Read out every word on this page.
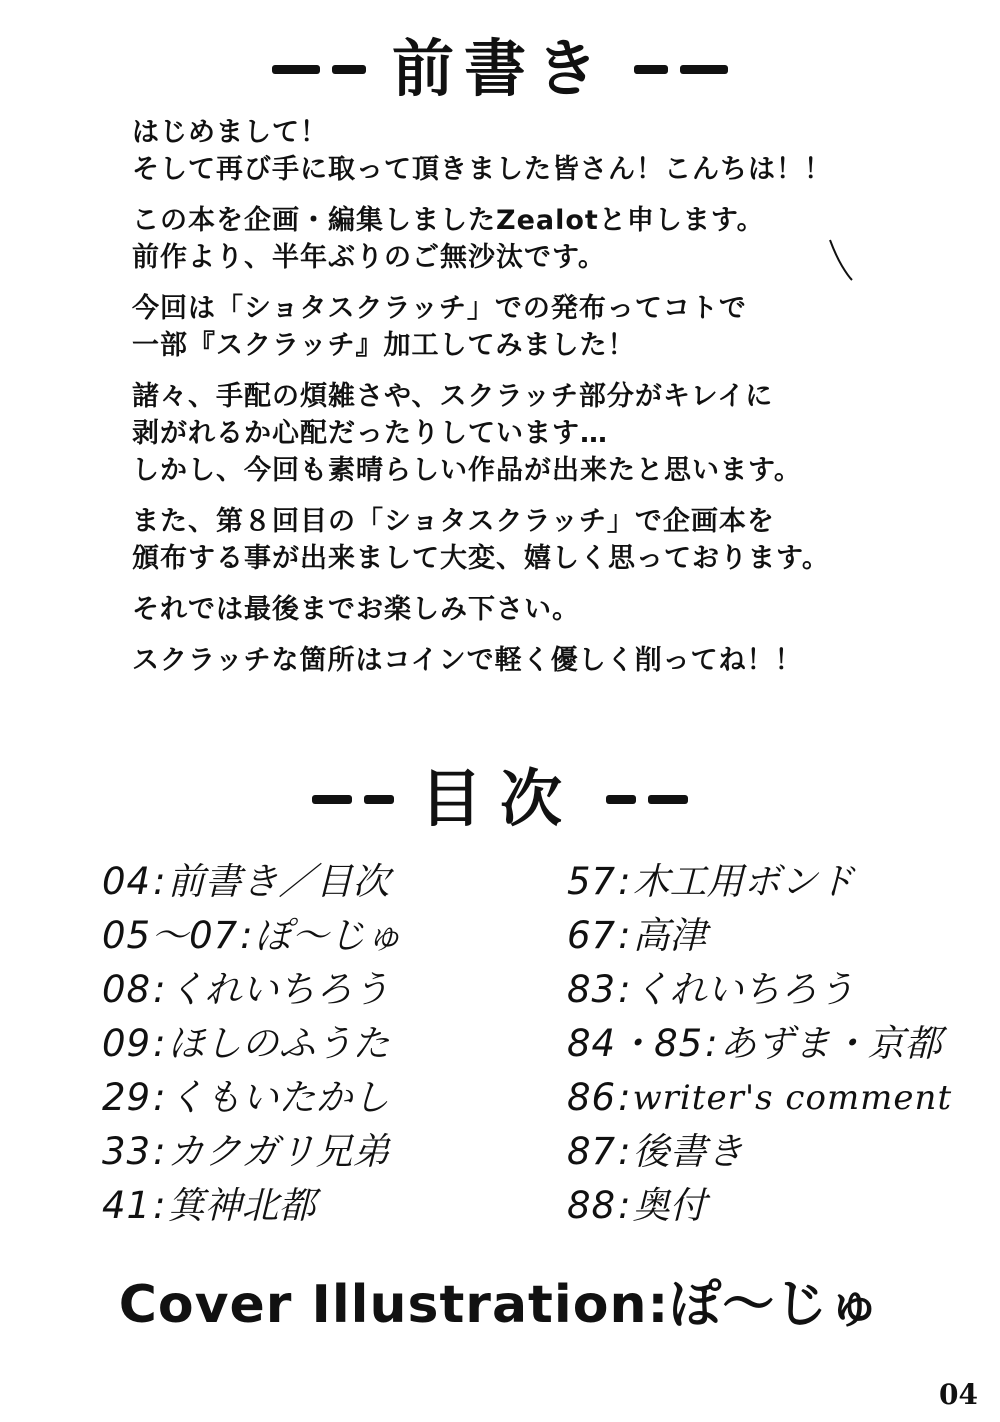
前書き
はじめまして！
そして再び手に取って頂きました皆さん！こんちは！！
この本を企画・編集しましたZealotと申します。
前作より、半年ぶりのご無沙汰です。
今回は「ショタスクラッチ」での発布ってコトで
一部『スクラッチ』加工してみました！
諸々、手配の煩雑さや、スクラッチ部分がキレイに
剥がれるか心配だったりしています…
しかし、今回も素晴らしい作品が出来たと思います。
また、第８回目の「ショタスクラッチ」で企画本を
頒布する事が出来まして大変、嬉しく思っております。
それでは最後までお楽しみ下さい。
スクラッチな箇所はコインで軽く優しく削ってね！！
目次
04 : 前書き／目次
05～07 : ぽ～じゅ
08 : くれいちろう
09 : ほしのふうた
29 : くもいたかし
33 : カクガリ兄弟
41 : 箕神北都
57 : 木工用ボンド
67 : 高津
83 : くれいちろう
84・85 : あずま・京都
86 : writer's comment
87 : 後書き
88 : 奥付
Cover Illustration:ぽ～じゅ
04
